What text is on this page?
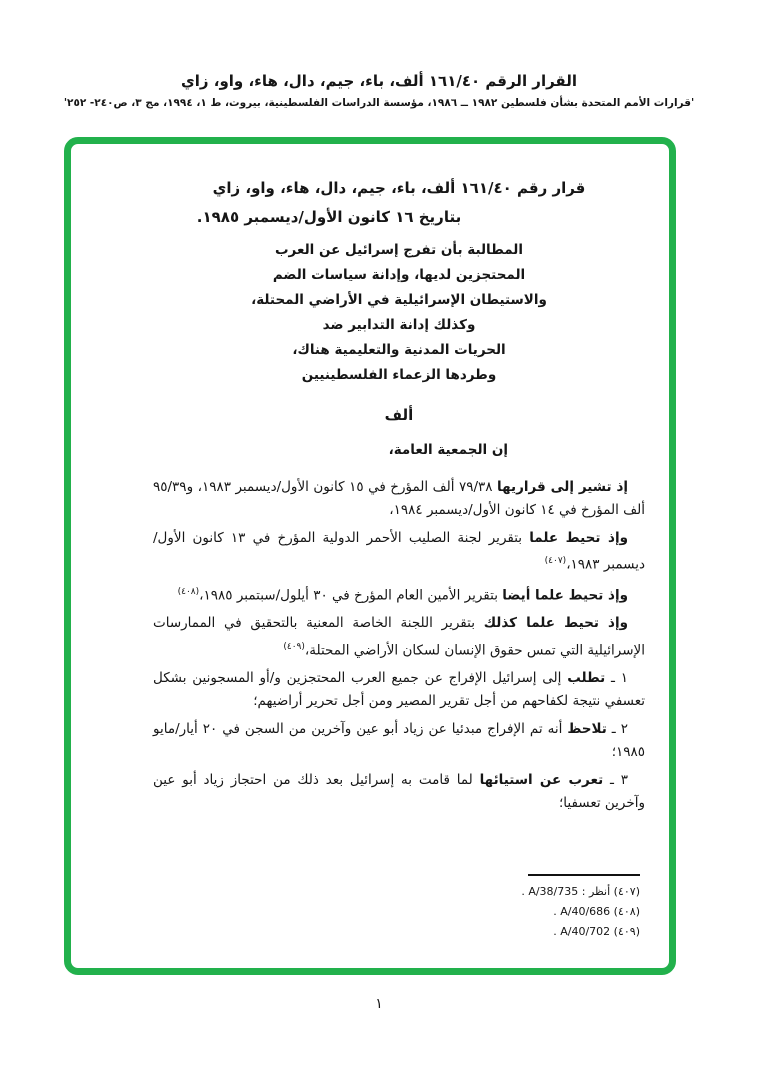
القرار الرقم ١٦١/٤٠ ألف، باء، جيم، دال، هاء، واو، زاي
'قرارات الأمم المتحدة بشأن فلسطين ١٩٨٢ ــ ١٩٨٦، مؤسسة الدراسات الفلسطينية، بيروت، ط ١، ١٩٩٤، مج ٣، ص٢٤٠- ٢٥٢'
قرار رقم ١٦١/٤٠ ألف، باء، جيم، دال، هاء، واو، زاي
بتاريخ ١٦ كانون الأول/ديسمبر ١٩٨٥.
المطالبة بأن تفرج إسرائيل عن العرب
المحتجزين لديها، وإدانة سياسات الضم
والاستيطان الإسرائيلية في الأراضي المحتلة،
وكذلك إدانة التدابير ضد
الحريات المدنية والتعليمية هناك،
وطردها الزعماء الفلسطينيين
ألف

إن الجمعية العامة،

إذ تشير إلى قراريها ٧٩/٣٨ ألف المؤرخ في ١٥ كانون الأول/ديسمبر ١٩٨٣، و٩٥/٣٩ ألف المؤرخ في ١٤ كانون الأول/ديسمبر ١٩٨٤،

وإذ تحيط علما بتقرير لجنة الصليب الأحمر الدولية المؤرخ في ١٣ كانون الأول/ديسمبر ١٩٨٣،$^{(٤٠٧)}$

وإذ تحيط علما أيضا بتقرير الأمين العام المؤرخ في ٣٠ أيلول/سبتمبر ١٩٨٥،$^{(٤٠٨)}$

وإذ تحيط علما كذلك بتقرير اللجنة الخاصة المعنية بالتحقيق في الممارسات الإسرائيلية التي تمس حقوق الإنسان لسكان الأراضي المحتلة،$^{(٤٠٩)}$

١ ـ تطلب إلى إسرائيل الإفراج عن جميع العرب المحتجزين و/أو المسجونين بشكل تعسفي نتيجة لكفاحهم من أجل تقرير المصير ومن أجل تحرير أراضيهم؛

٢ ـ تلاحظ أنه تم الإفراج مبدئيا عن زياد أبو عين وآخرين من السجن في ٢٠ أيار/مايو ١٩٨٥؛

٣ ـ تعرب عن استيائها لما قامت به إسرائيل بعد ذلك من احتجاز زياد أبو عين وآخرين تعسفيا؛

(٤٠٧) أنظر : A/38/735 .
(٤٠٨) A/40/686 .
(٤٠٩) A/40/702 .
١
